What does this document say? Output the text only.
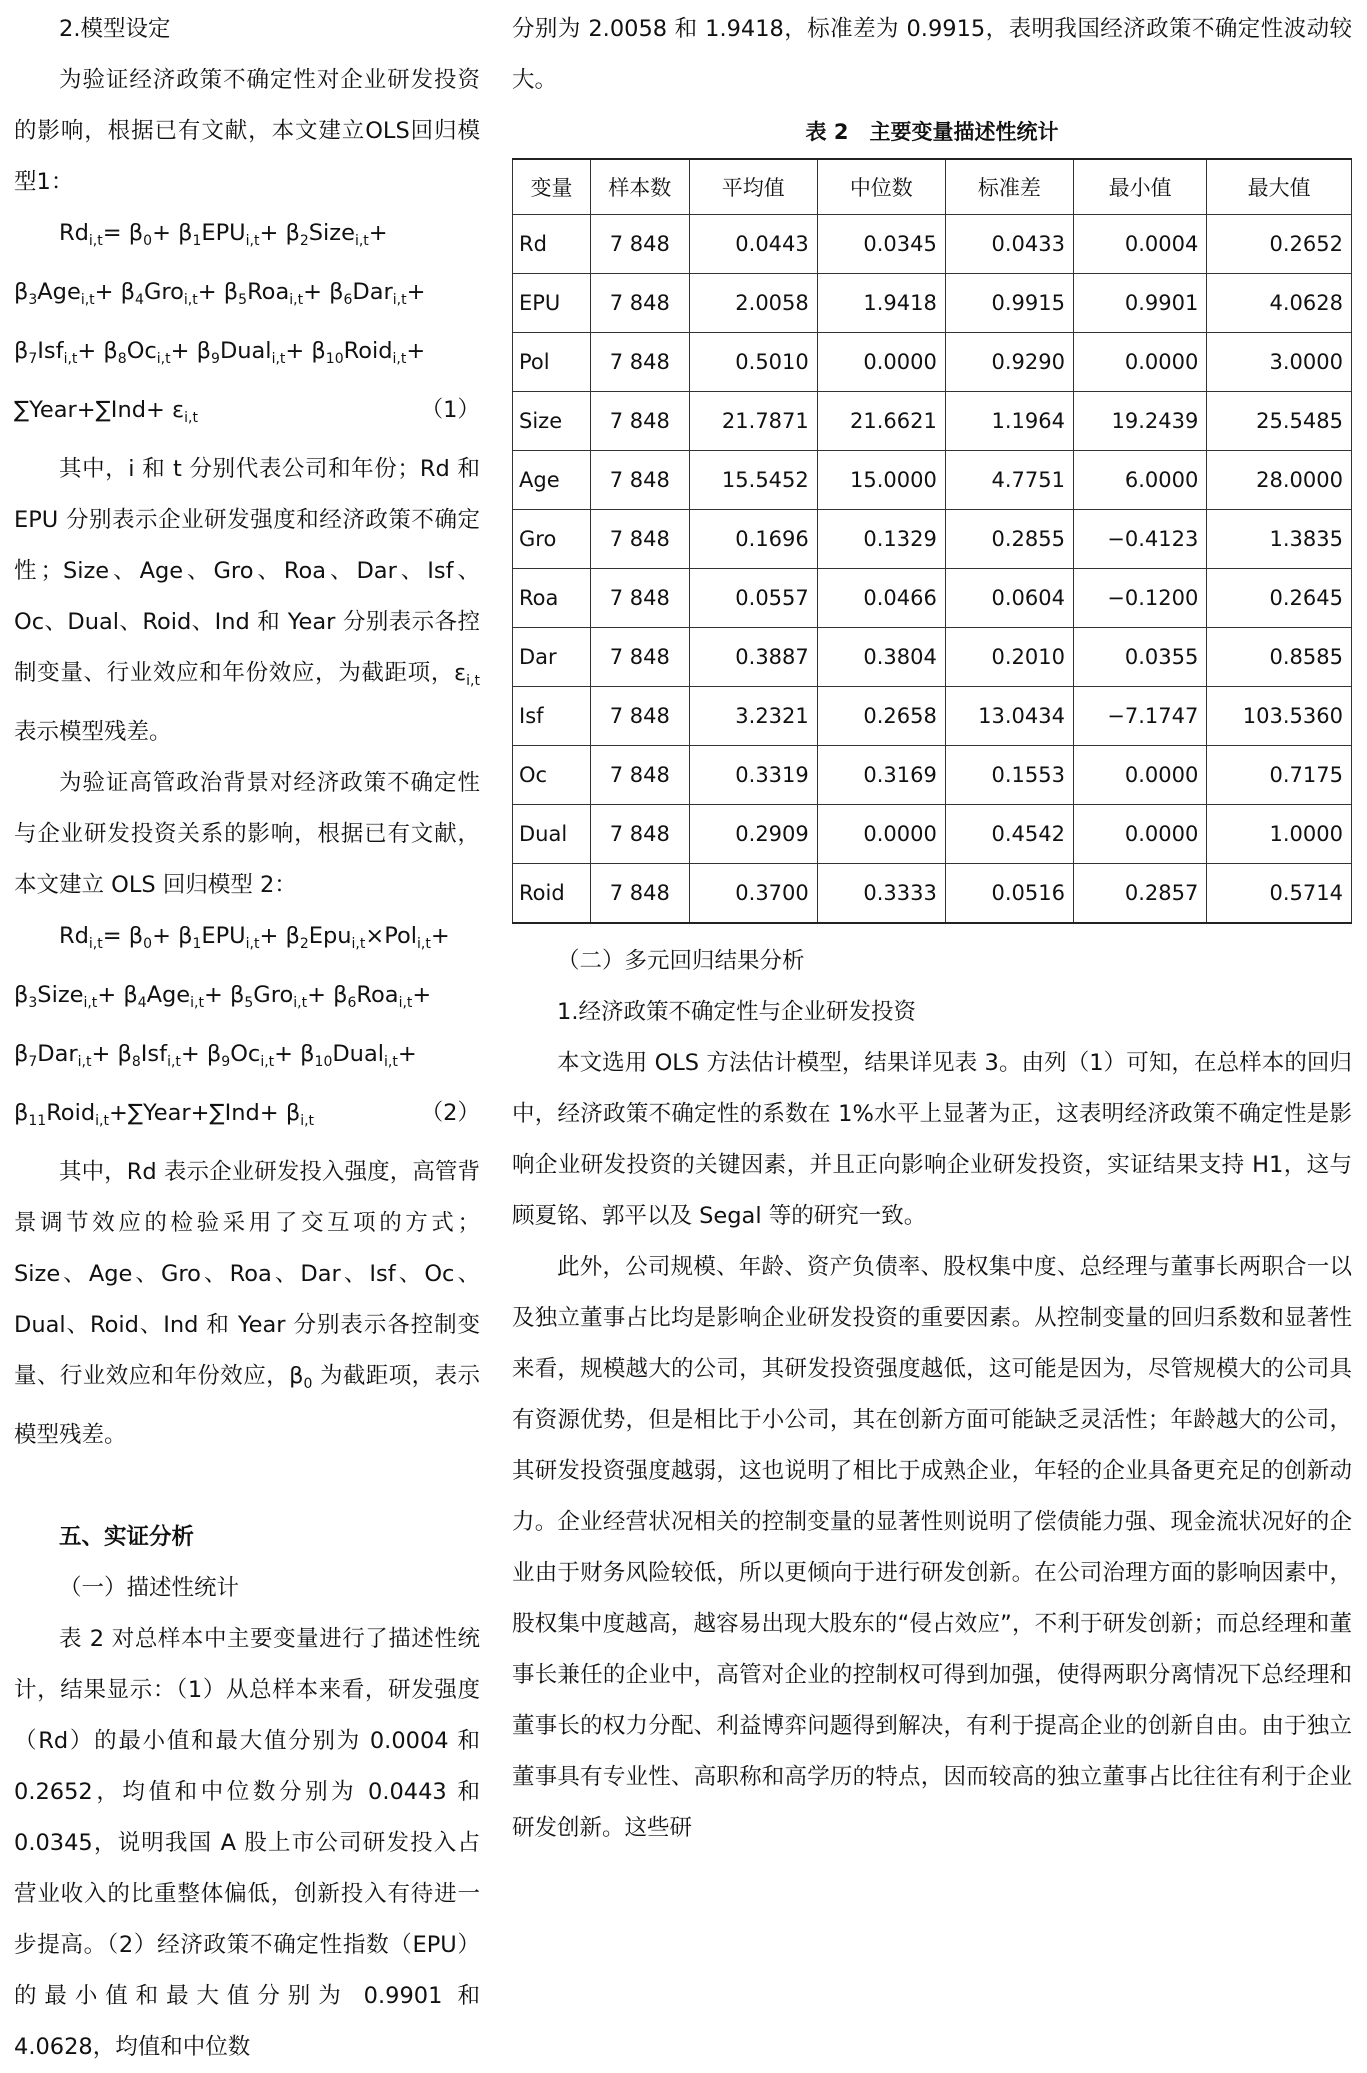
2.模型设定

为验证经济政策不确定性对企业研发投资的影响，根据已有文献，本文建立OLS回归模型1：

$Rd_{i,t}= \beta_0+ \beta_1EPU_{i,t}+$ $\beta_2Size_{i,t}+$
$\beta_3Age_{i,t}+ \beta_4Gro_{i,t}+ \beta_5Roa_{i,t}+ \beta_6Dar_{i,t}+$
$\beta_7Isf_{i,t}+ \beta_8Oc_{i,t}+$ $\beta_9Dual_{i,t}+$ $\beta_{10}Roid_{i,t}+$
∑Year+∑Ind+ $\varepsilon_{i,t}$	（1）

其中，i 和 t 分别代表公司和年份；Rd 和 EPU 分别表示企业研发强度和经济政策不确定性；Size、Age、Gro、Roa、Dar、Isf、Oc、Dual、Roid、Ind 和 Year 分别表示各控制变量、行业效应和年份效应，为截距项，$\varepsilon_{i,t}$ 表示模型残差。

为验证高管政治背景对经济政策不确定性与企业研发投资关系的影响，根据已有文献，本文建立 OLS 回归模型 2：

$Rd_{i,t}= \beta_0+ \beta_1EPU_{i,t}+ \beta_2Epu_{i,t}\times Pol_{i,t}+$
$\beta_3Size_{i,t}+ \beta_4Age_{i,t}+ \beta_5Gro_{i,t}+ \beta_6Roa_{i,t}+$
$\beta_7Dar_{i,t}+ \beta_8Isf_{i,t}+ \beta_9Oc_{i,t}+$ $\beta_{10}Dual_{i,t}+$
$\beta_{11}Roid_{i,t}+\sum Year+\sum Ind+ \beta_{i,t}$	（2）

其中，Rd 表示企业研发投入强度，高管背景调节效应的检验采用了交互项的方式；Size、Age、Gro、Roa、Dar、Isf、Oc、Dual、Roid、Ind 和 Year 分别表示各控制变量、行业效应和年份效应，$\beta_0$ 为截距项，表示模型残差。

五、实证分析

（一）描述性统计

表 2 对总样本中主要变量进行了描述性统计，结果显示：（1）从总样本来看，研发强度（Rd）的最小值和最大值分别为 0.0004 和 0.2652，均值和中位数分别为 0.0443 和 0.0345，说明我国 A 股上市公司研发投入占营业收入的比重整体偏低，创新投入有待进一步提高。（2）经济政策不确定性指数（EPU）的最小值和最大值分别为 0.9901 和 4.0628，均值和中位数

分别为 2.0058 和 1.9418，标准差为 0.9915，表明我国经济政策不确定性波动较大。

表 2　主要变量描述性统计
变量	样本数	平均值	中位数	标准差	最小值	最大值
Rd	7 848	0.0443	0.0345	0.0433	0.0004	0.2652
EPU	7 848	2.0058	1.9418	0.9915	0.9901	4.0628
Pol	7 848	0.5010	0.0000	0.9290	0.0000	3.0000
Size	7 848	21.7871	21.6621	1.1964	19.2439	25.5485
Age	7 848	15.5452	15.0000	4.7751	6.0000	28.0000
Gro	7 848	0.1696	0.1329	0.2855	−0.4123	1.3835
Roa	7 848	0.0557	0.0466	0.0604	−0.1200	0.2645
Dar	7 848	0.3887	0.3804	0.2010	0.0355	0.8585
Isf	7 848	3.2321	0.2658	13.0434	−7.1747	103.5360
Oc	7 848	0.3319	0.3169	0.1553	0.0000	0.7175
Dual	7 848	0.2909	0.0000	0.4542	0.0000	1.0000
Roid	7 848	0.3700	0.3333	0.0516	0.2857	0.5714

（二）多元回归结果分析

1.经济政策不确定性与企业研发投资

本文选用 OLS 方法估计模型，结果详见表 3。由列（1）可知，在总样本的回归中，经济政策不确定性的系数在 1%水平上显著为正，这表明经济政策不确定性是影响企业研发投资的关键因素，并且正向影响企业研发投资，实证结果支持 H1，这与顾夏铭、郭平以及 Segal 等的研究一致。

此外，公司规模、年龄、资产负债率、股权集中度、总经理与董事长两职合一以及独立董事占比均是影响企业研发投资的重要因素。从控制变量的回归系数和显著性来看，规模越大的公司，其研发投资强度越低，这可能是因为，尽管规模大的公司具有资源优势，但是相比于小公司，其在创新方面可能缺乏灵活性；年龄越大的公司，其研发投资强度越弱，这也说明了相比于成熟企业，年轻的企业具备更充足的创新动力。企业经营状况相关的控制变量的显著性则说明了偿债能力强、现金流状况好的企业由于财务风险较低，所以更倾向于进行研发创新。在公司治理方面的影响因素中，股权集中度越高，越容易出现大股东的“侵占效应”，不利于研发创新；而总经理和董事长兼任的企业中，高管对企业的控制权可得到加强，使得两职分离情况下总经理和董事长的权力分配、利益博弈问题得到解决，有利于提高企业的创新自由。由于独立董事具有专业性、高职称和高学历的特点，因而较高的独立董事占比往往有利于企业研发创新。这些研
